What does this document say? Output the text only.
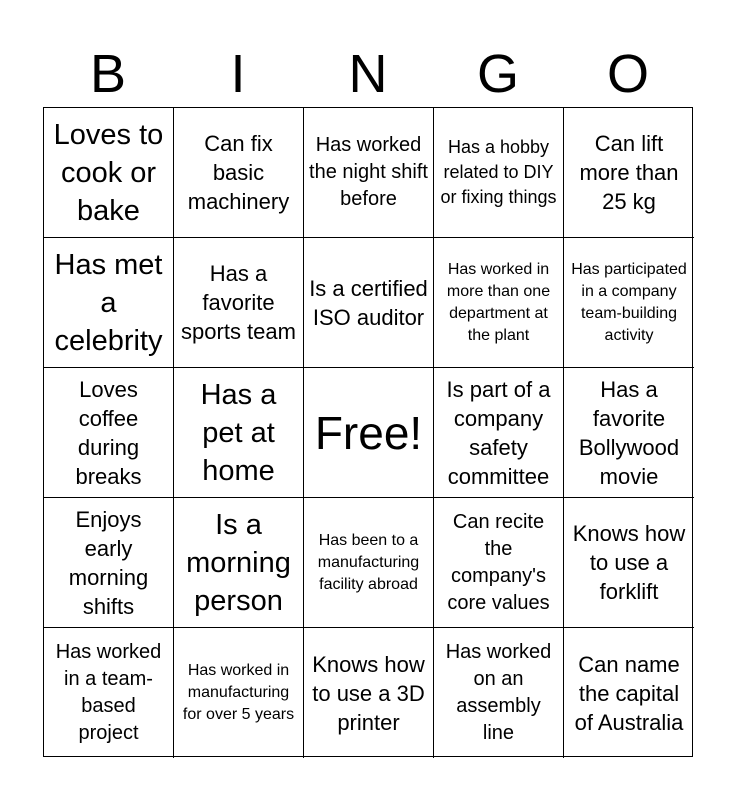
B	I	N	G	O
Loves to cook or bake
Can fix basic machinery
Has worked the night shift before
Has a hobby related to DIY or fixing things
Can lift more than 25 kg
Has met a celebrity
Has a favorite sports team
Is a certified ISO auditor
Has worked in more than one department at the plant
Has participated in a company team-building activity
Loves coffee during breaks
Has a pet at home
Free!
Is part of a company safety committee
Has a favorite Bollywood movie
Enjoys early morning shifts
Is a morning person
Has been to a manufacturing facility abroad
Can recite the company's core values
Knows how to use a forklift
Has worked in a team-based project
Has worked in manufacturing for over 5 years
Knows how to use a 3D printer
Has worked on an assembly line
Can name the capital of Australia
